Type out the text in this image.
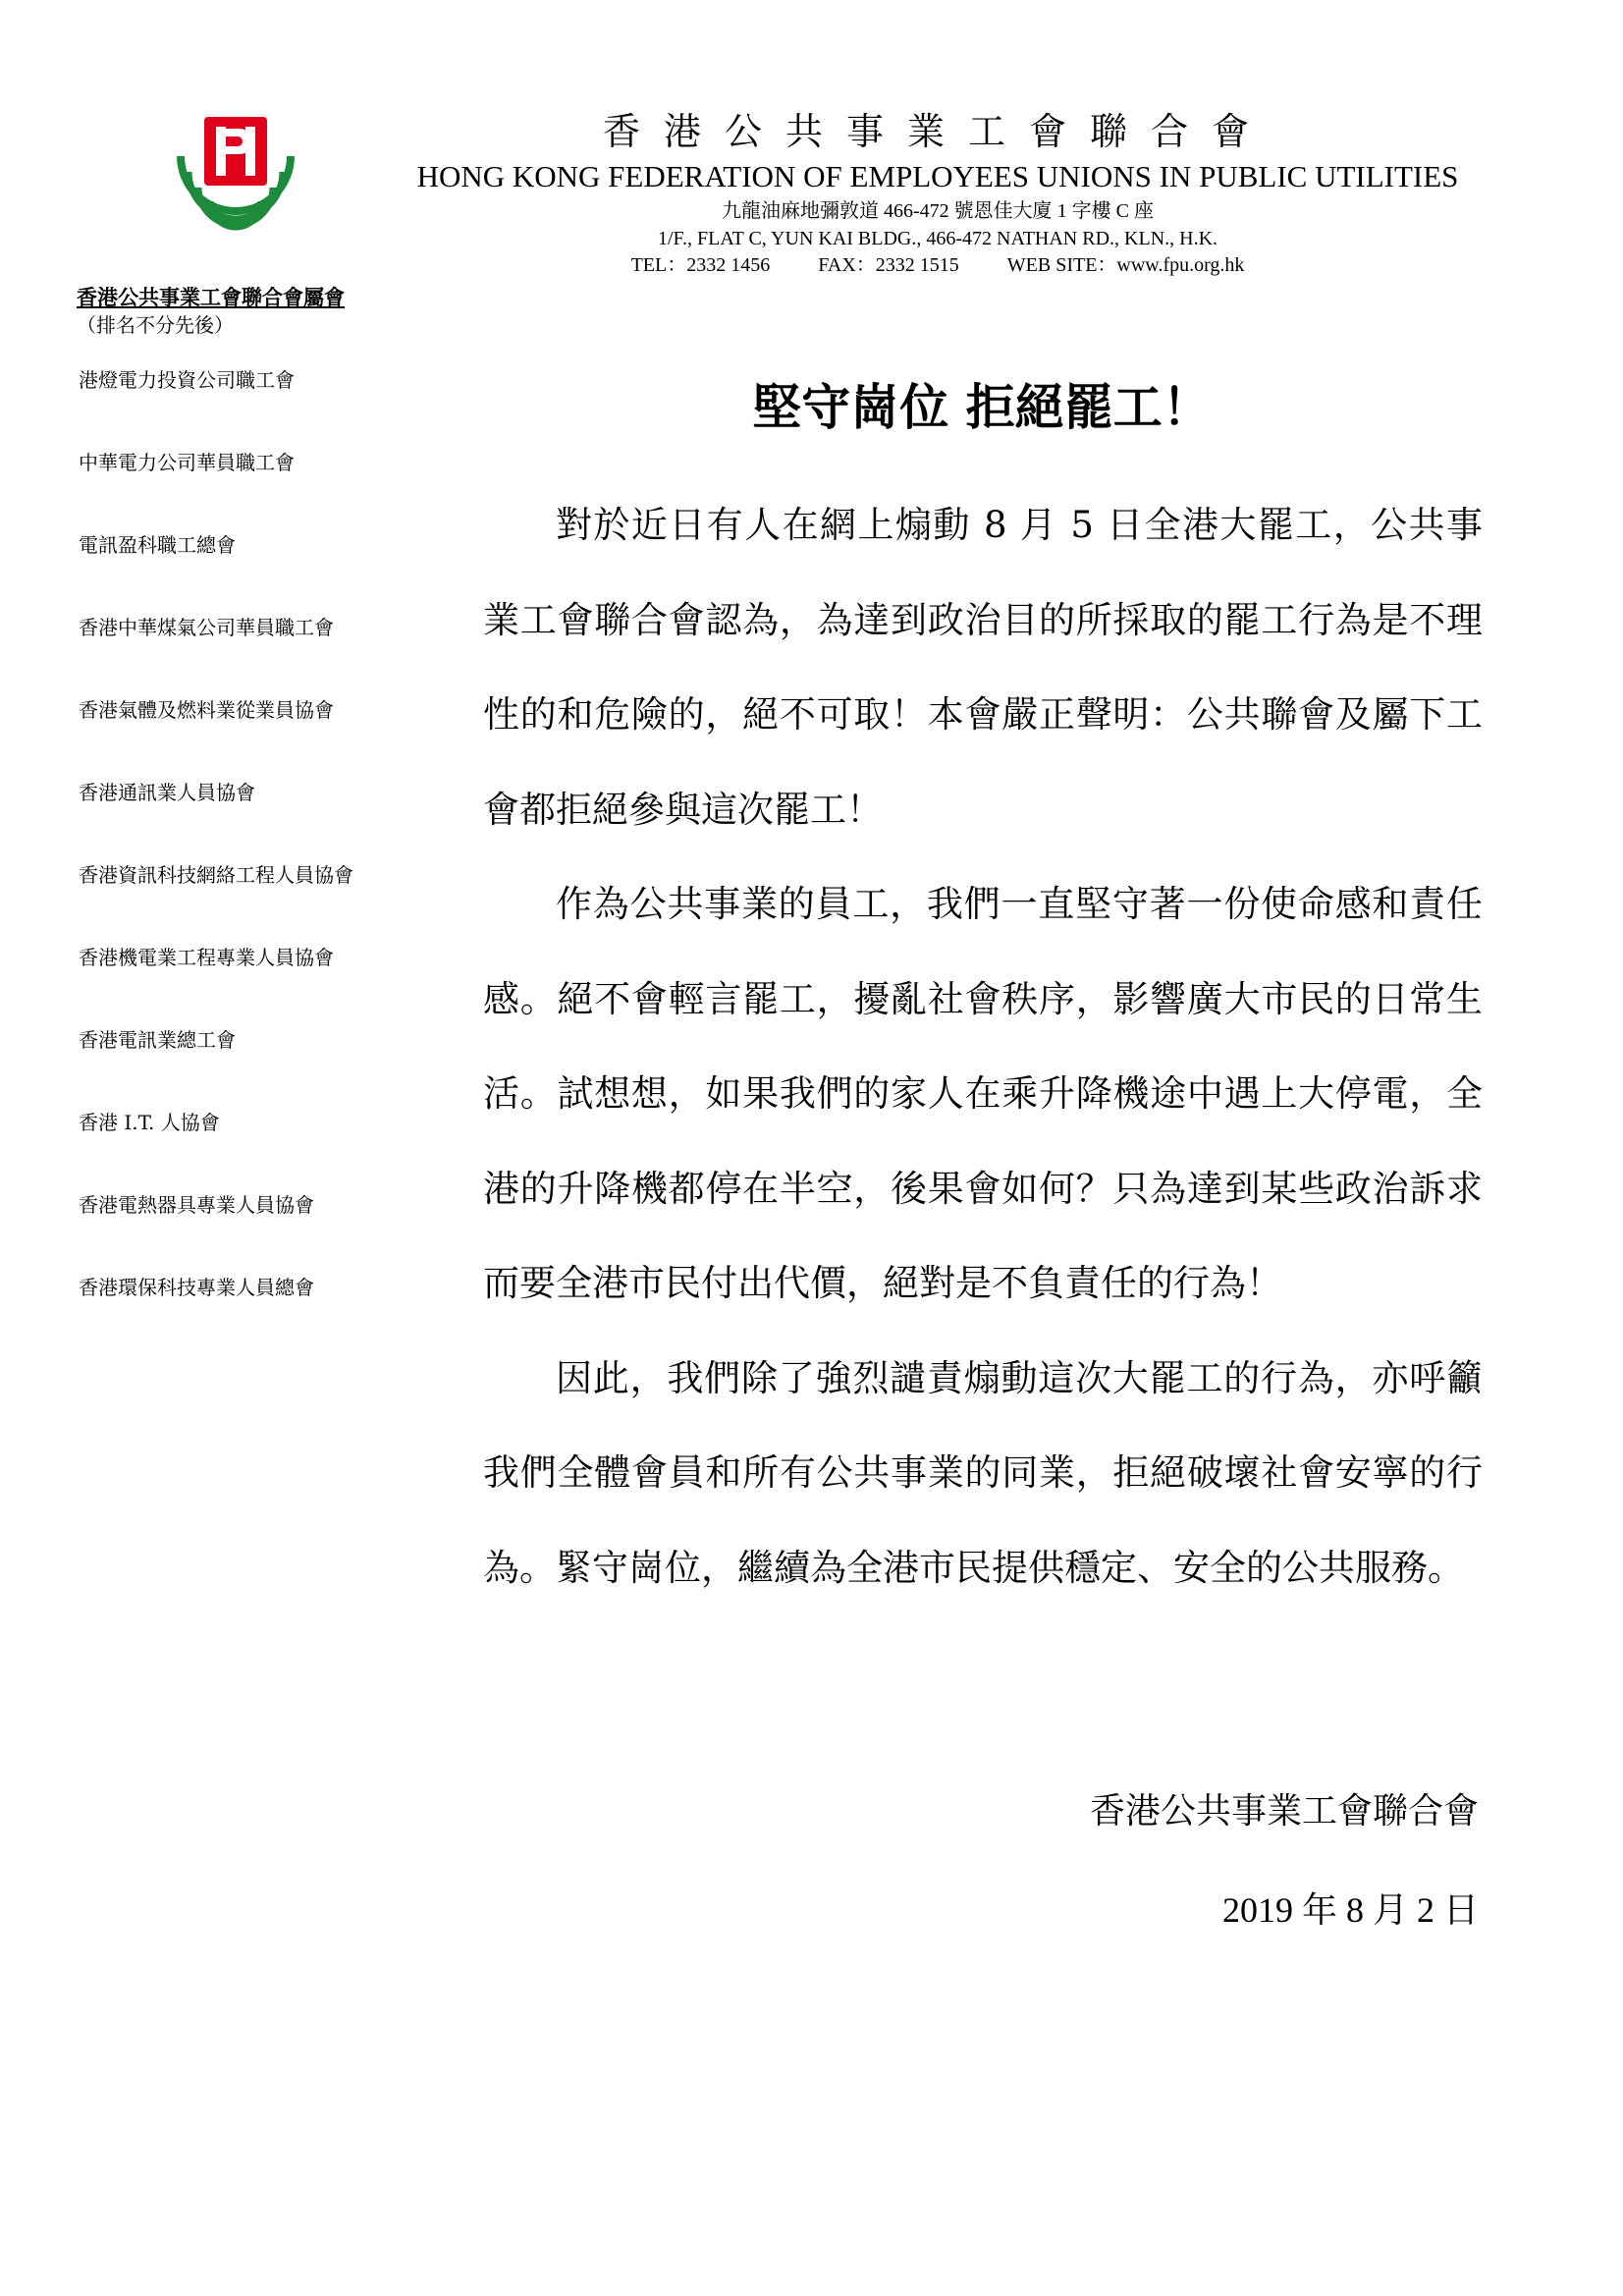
香港公共事業工會聯合會
HONG KONG FEDERATION OF EMPLOYEES UNIONS IN PUBLIC UTILITIES
九龍油麻地彌敦道 466-472 號恩佳大廈 1 字樓 C 座
1/F., FLAT C, YUN KAI BLDG., 466-472 NATHAN RD., KLN., H.K.
TEL：2332 1456 FAX：2332 1515 WEB SITE：www.fpu.org.hk
香港公共事業工會聯合會屬會
（排名不分先後）
港燈電力投資公司職工會
中華電力公司華員職工會
電訊盈科職工總會
香港中華煤氣公司華員職工會
香港氣體及燃料業從業員協會
香港通訊業人員協會
香港資訊科技網絡工程人員協會
香港機電業工程專業人員協會
香港電訊業總工會
香港 I.T. 人協會
香港電熱器具專業人員協會
香港環保科技專業人員總會
堅守崗位 拒絕罷工！

對於近日有人在網上煽動 8 月 5 日全港大罷工，公共事業工會聯合會認為，為達到政治目的所採取的罷工行為是不理性的和危險的，絕不可取！本會嚴正聲明：公共聯會及屬下工會都拒絕參與這次罷工！

作為公共事業的員工，我們一直堅守著一份使命感和責任感。絕不會輕言罷工，擾亂社會秩序，影響廣大市民的日常生活。試想想，如果我們的家人在乘升降機途中遇上大停電，全港的升降機都停在半空，後果會如何？只為達到某些政治訴求而要全港市民付出代價，絕對是不負責任的行為！

因此，我們除了強烈譴責煽動這次大罷工的行為，亦呼籲我們全體會員和所有公共事業的同業，拒絕破壞社會安寧的行為。緊守崗位，繼續為全港市民提供穩定、安全的公共服務。

香港公共事業工會聯合會
2019 年 8 月 2 日
